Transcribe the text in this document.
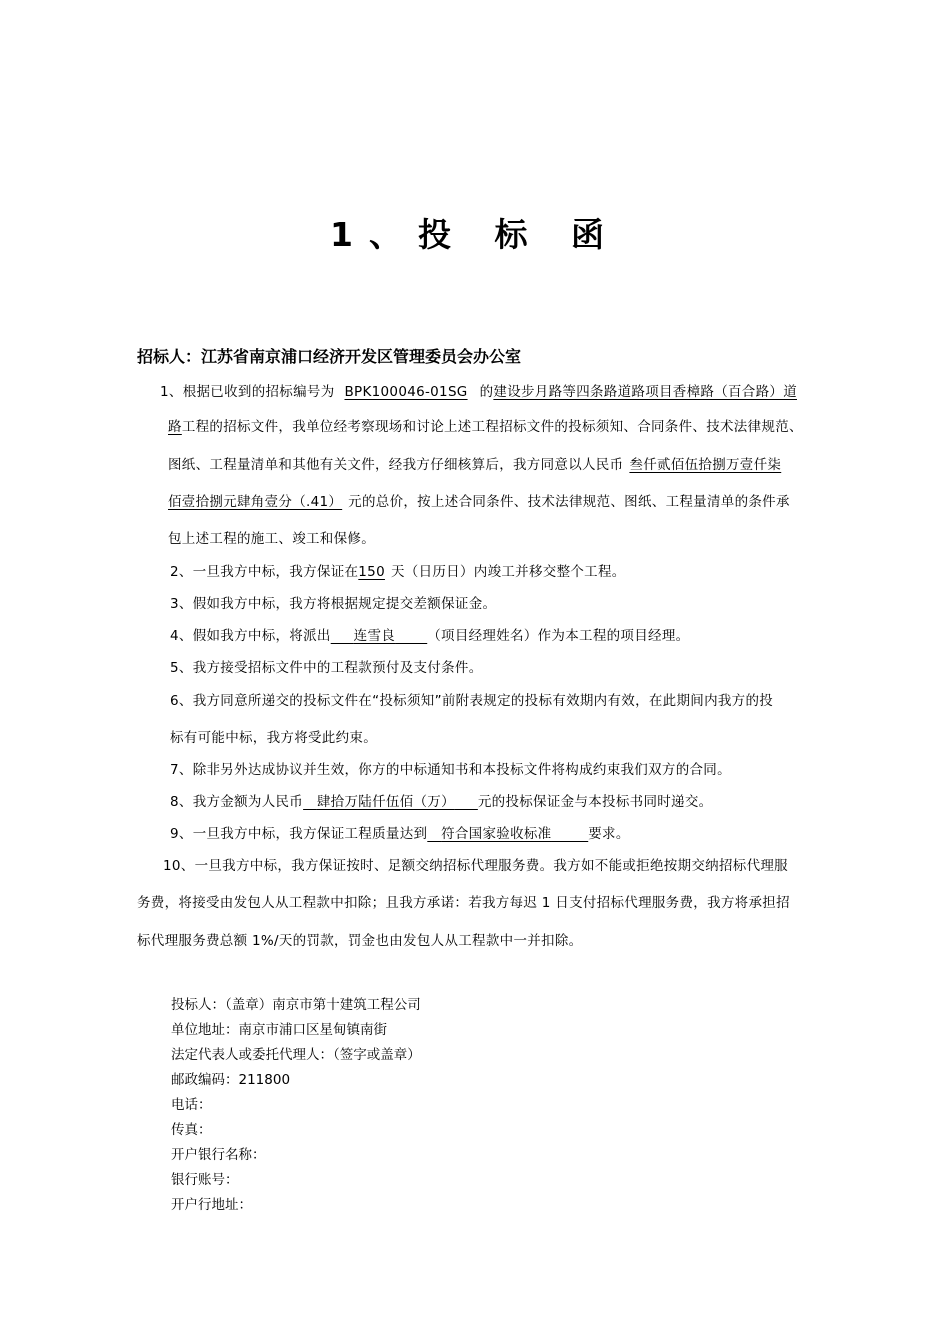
1、投 标 函
招标人：江苏省南京浦口经济开发区管理委员会办公室
1、根据已收到的招标编号为 BPK100046-01SG 的建设步月路等四条路道路项目香樟路（百合路）道
路工程的招标文件，我单位经考察现场和讨论上述工程招标文件的投标须知、合同条件、技术法律规范、
图纸、工程量清单和其他有关文件，经我方仔细核算后，我方同意以人民币 叁仟贰佰伍拾捌万壹仟柒
佰壹拾捌元肆角壹分（.41） 元的总价，按上述合同条件、技术法律规范、图纸、工程量清单的条件承
包上述工程的施工、竣工和保修。
2、一旦我方中标，我方保证在150 天（日历日）内竣工并移交整个工程。
3、假如我方中标，我方将根据规定提交差额保证金。
4、假如我方中标，将派出 连雪良 （项目经理姓名）作为本工程的项目经理。
5、我方接受招标文件中的工程款预付及支付条件。
6、我方同意所递交的投标文件在“投标须知”前附表规定的投标有效期内有效，在此期间内我方的投
标有可能中标，我方将受此约束。
7、除非另外达成协议并生效，你方的中标通知书和本投标文件将构成约束我们双方的合同。
8、我方金额为人民币 肆拾万陆仟伍佰（万） 元的投标保证金与本投标书同时递交。
9、一旦我方中标，我方保证工程质量达到 符合国家验收标准	要求。
10、一旦我方中标，我方保证按时、足额交纳招标代理服务费。我方如不能或拒绝按期交纳招标代理服
务费，将接受由发包人从工程款中扣除；且我方承诺：若我方每迟 1 日支付招标代理服务费，我方将承担招
标代理服务费总额 1%/天的罚款，罚金也由发包人从工程款中一并扣除。
投标人：（盖章）南京市第十建筑工程公司
单位地址：南京市浦口区星甸镇南街
法定代表人或委托代理人：（签字或盖章）
邮政编码：211800
电话：
传真：
开户银行名称：
银行账号：
开户行地址：
